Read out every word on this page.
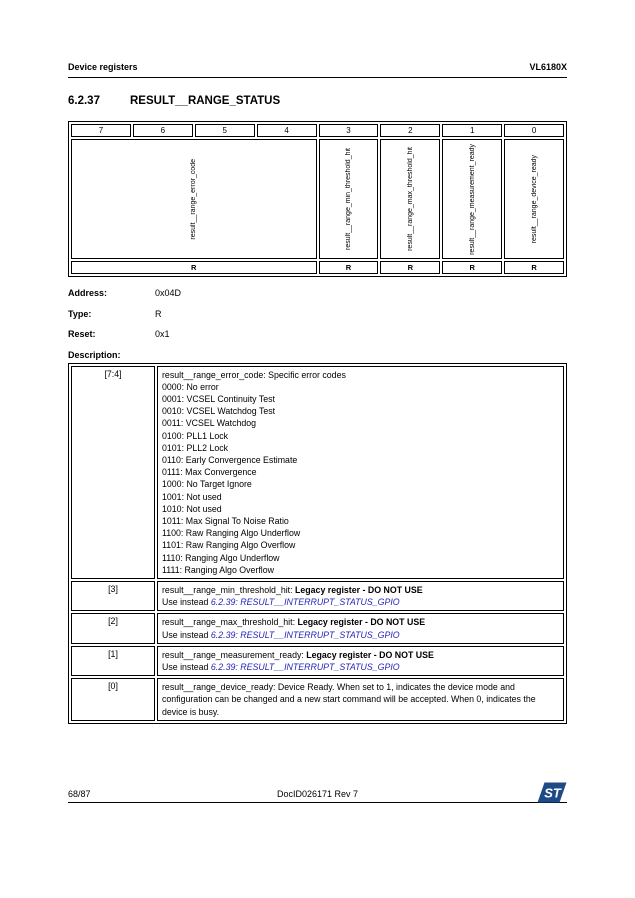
Device registers	VL6180X
6.2.37	RESULT__RANGE_STATUS
7	6	5	4	3	2	1	0

result__range_error_code				result__range_min_threshold_hit	result__range_max_threshold_hit	result__range_measurement_ready	result__range_device_ready

R				R	R	R	R
Address:	0x04D
Type:	R
Reset:	0x1
Description:
[7:4]	result__range_error_code: Specific error codes
0000: No error
0001: VCSEL Continuity Test
0010: VCSEL Watchdog Test
0011: VCSEL Watchdog
0100: PLL1 Lock
0101: PLL2 Lock
0110: Early Convergence Estimate
0111: Max Convergence
1000: No Target Ignore
1001: Not used
1010: Not used
1011: Max Signal To Noise Ratio
1100: Raw Ranging Algo Underflow
1101: Raw Ranging Algo Overflow
1110: Ranging Algo Underflow
1111: Ranging Algo Overflow

[3]	result__range_min_threshold_hit: Legacy register - DO NOT USE
Use instead 6.2.39: RESULT__INTERRUPT_STATUS_GPIO

[2]	result__range_max_threshold_hit: Legacy register - DO NOT USE
Use instead 6.2.39: RESULT__INTERRUPT_STATUS_GPIO

[1]	result__range_measurement_ready: Legacy register - DO NOT USE
Use instead 6.2.39: RESULT__INTERRUPT_STATUS_GPIO

[0]	result__range_device_ready: Device Ready. When set to 1, indicates the device mode and configuration can be changed and a new start command will be accepted. When 0, indicates the device is busy.
68/87	DocID026171 Rev 7	ST
